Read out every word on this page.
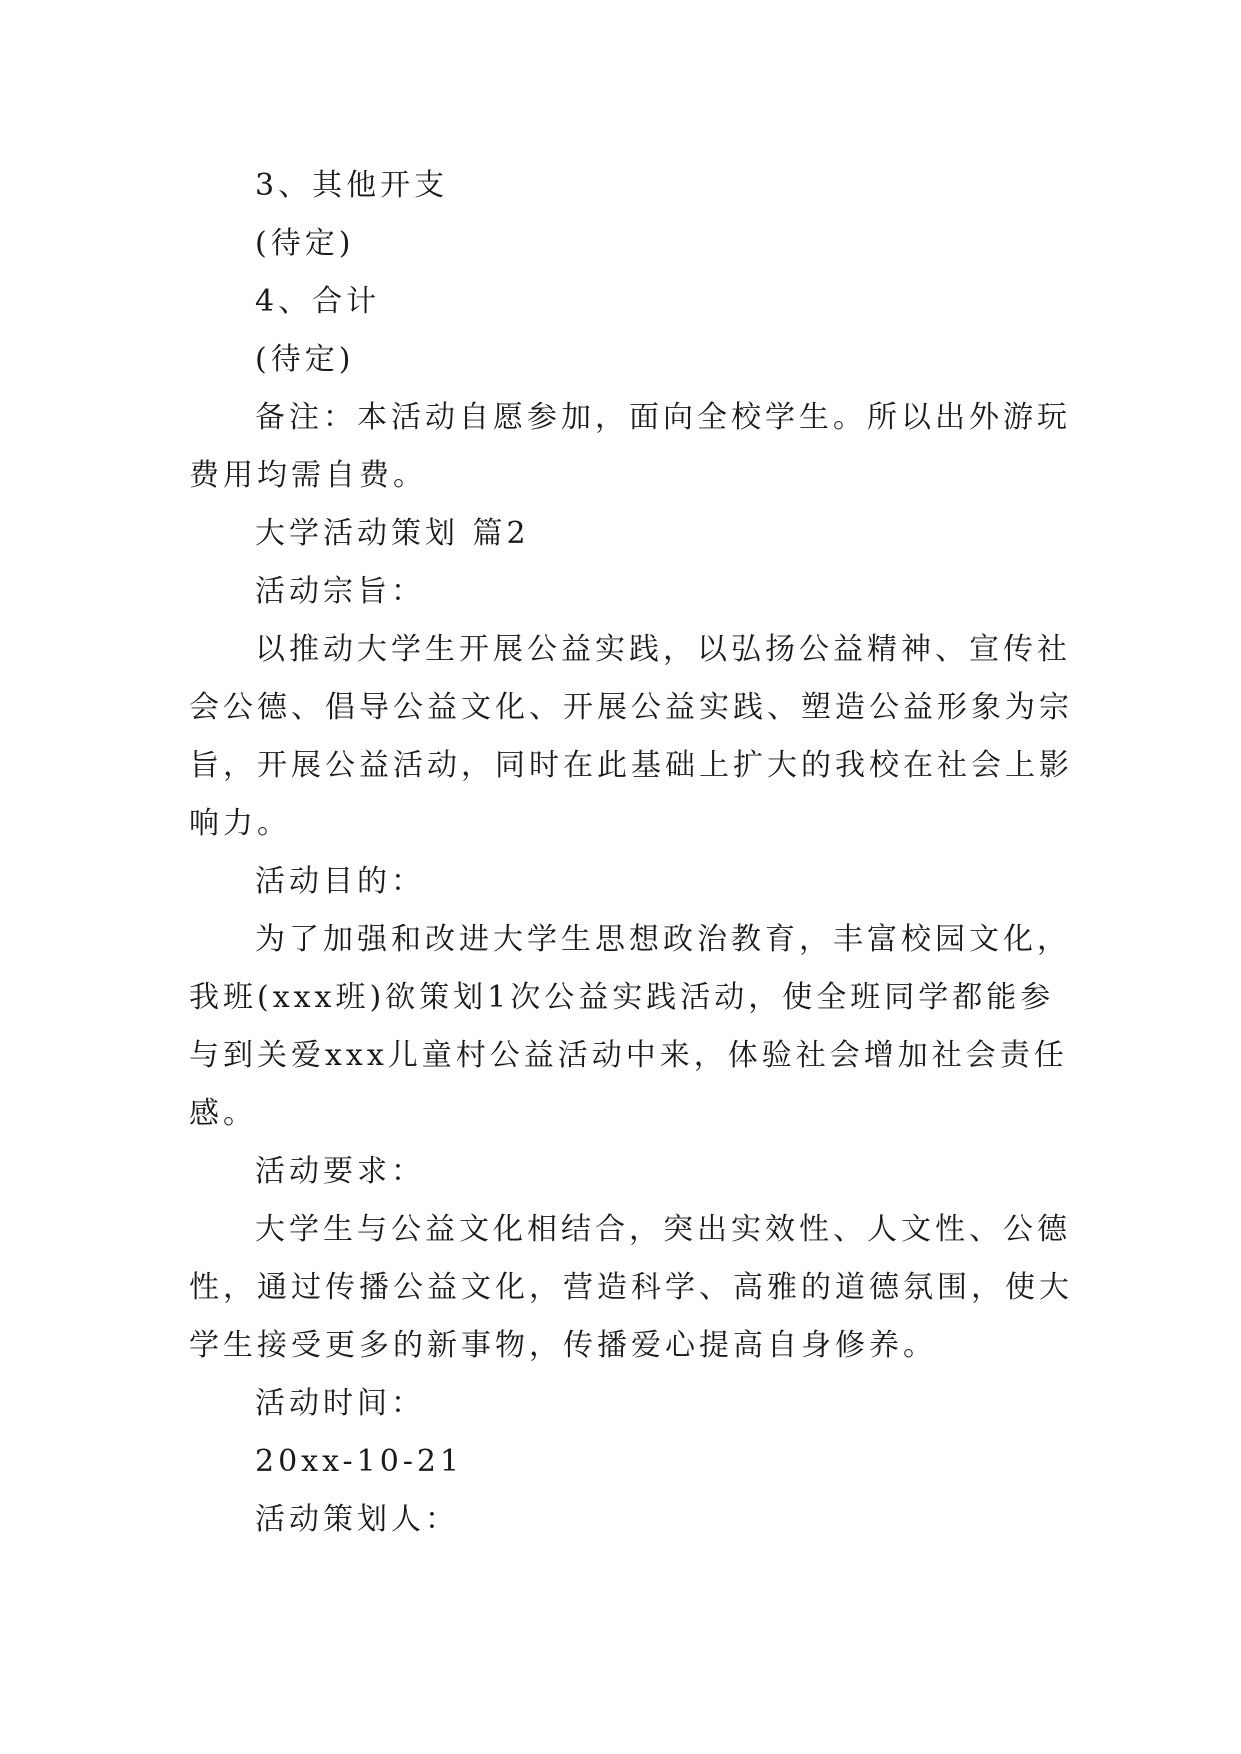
3、其他开支
(待定)
4、合计
(待定)
备注：本活动自愿参加，面向全校学生。所以出外游玩
费用均需自费。
大学活动策划 篇2
活动宗旨：
以推动大学生开展公益实践，以弘扬公益精神、宣传社
会公德、倡导公益文化、开展公益实践、塑造公益形象为宗
旨，开展公益活动，同时在此基础上扩大的我校在社会上影
响力。
活动目的：
为了加强和改进大学生思想政治教育，丰富校园文化，
我班(xxx班)欲策划1次公益实践活动，使全班同学都能参
与到关爱xxx儿童村公益活动中来，体验社会增加社会责任
感。
活动要求：
大学生与公益文化相结合，突出实效性、人文性、公德
性，通过传播公益文化，营造科学、高雅的道德氛围，使大
学生接受更多的新事物，传播爱心提高自身修养。
活动时间：
20xx-10-21
活动策划人：
